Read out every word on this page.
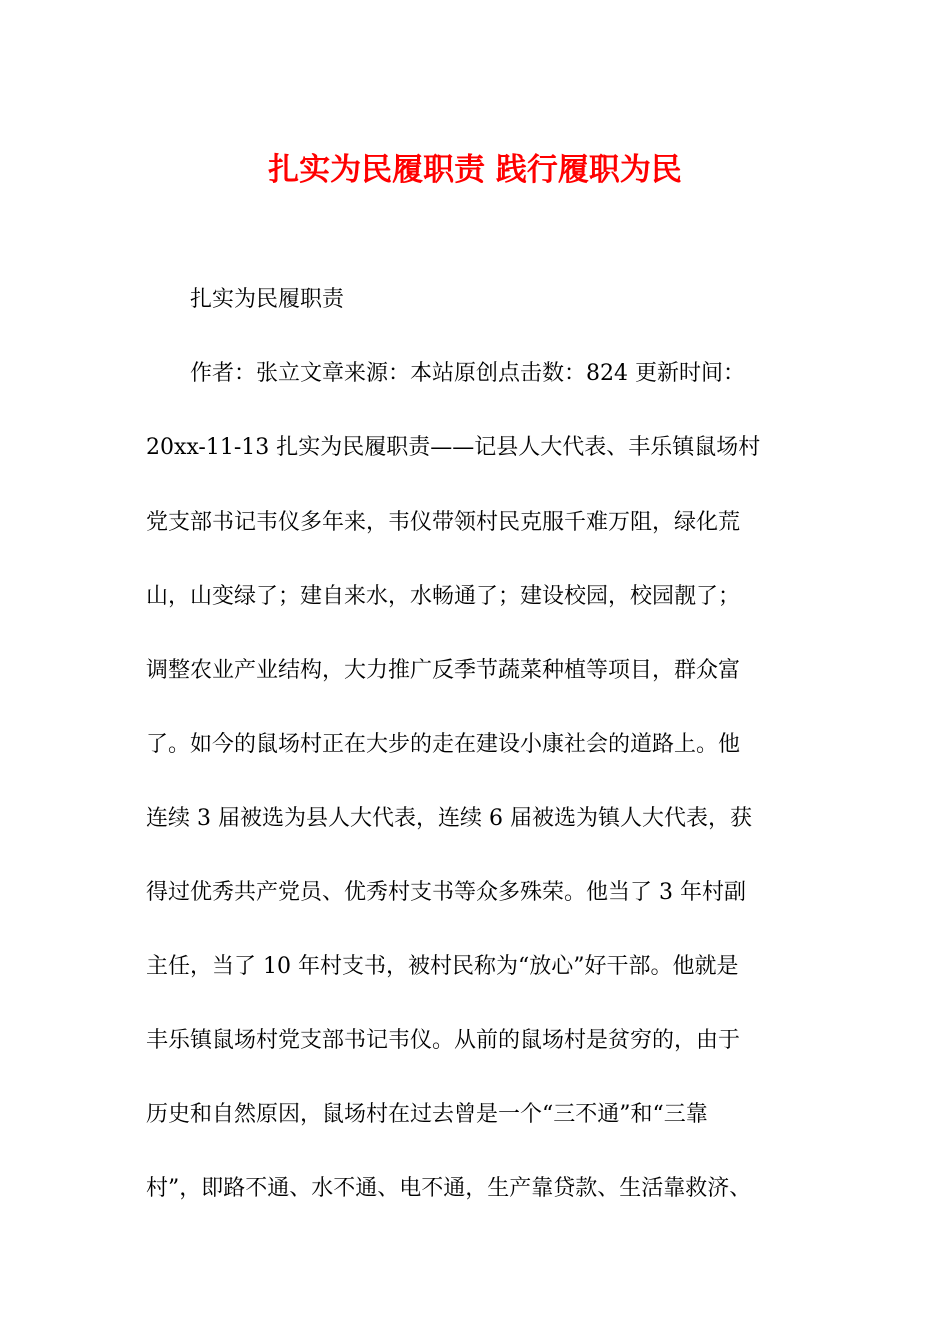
扎实为民履职责 践行履职为民
扎实为民履职责
作者：张立文章来源：本站原创点击数：824 更新时间：
20xx-11-13 扎实为民履职责——记县人大代表、丰乐镇鼠场村
党支部书记韦仪多年来，韦仪带领村民克服千难万阻，绿化荒
山，山变绿了；建自来水，水畅通了；建设校园，校园靓了；
调整农业产业结构，大力推广反季节蔬菜种植等项目，群众富
了。如今的鼠场村正在大步的走在建设小康社会的道路上。他
连续 3 届被选为县人大代表，连续 6 届被选为镇人大代表，获
得过优秀共产党员、优秀村支书等众多殊荣。他当了 3 年村副
主任，当了 10 年村支书，被村民称为“放心”好干部。他就是
丰乐镇鼠场村党支部书记韦仪。从前的鼠场村是贫穷的，由于
历史和自然原因，鼠场村在过去曾是一个“三不通”和“三靠
村”，即路不通、水不通、电不通，生产靠贷款、生活靠救济、
